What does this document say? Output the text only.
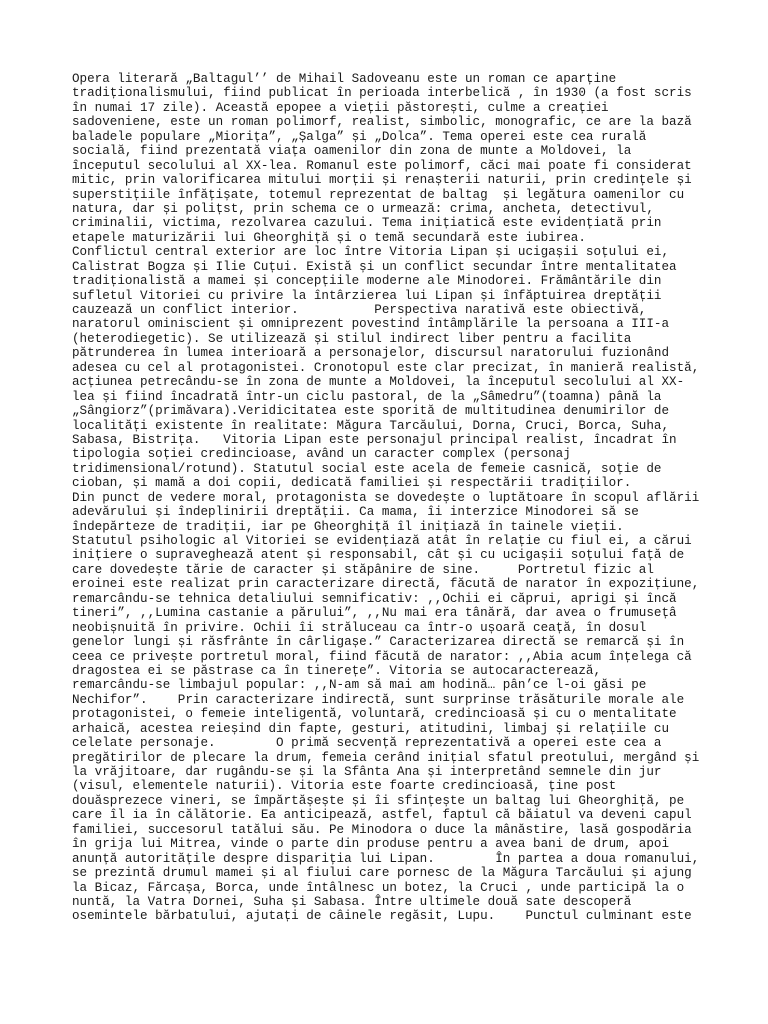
Opera literară „Baltagul’’ de Mihail Sadoveanu este un roman ce aparține
tradiționalismului, fiind publicat în perioada interbelică , în 1930 (a fost scris
în numai 17 zile). Această epopee a vieții păstorești, culme a creației
sadoveniene, este un roman polimorf, realist, simbolic, monografic, ce are la bază
baladele populare „Miorița”, „Șalga” și „Dolca”. Tema operei este cea rurală
socială, fiind prezentată viața oamenilor din zona de munte a Moldovei, la
începutul secolului al XX-lea. Romanul este polimorf, căci mai poate fi considerat
mitic, prin valorificarea mitului morții și renașterii naturii, prin credințele și
superstițiile înfățișate, totemul reprezentat de baltag  și legătura oamenilor cu
natura, dar și polițst, prin schema ce o urmează: crima, ancheta, detectivul,
criminalii, victima, rezolvarea cazului. Tema inițiatică este evidențiată prin
etapele maturizării lui Gheorghiță și o temă secundară este iubirea.
Conflictul central exterior are loc între Vitoria Lipan și ucigașii soțului ei,
Calistrat Bogza și Ilie Cuțui. Există și un conflict secundar între mentalitatea
tradiționalistă a mamei și concepțiile moderne ale Minodorei. Frământările din
sufletul Vitoriei cu privire la întârzierea lui Lipan și înfăptuirea dreptății
cauzează un conflict interior.          Perspectiva narativă este obiectivă,
naratorul ominiscient și omniprezent povestind întâmplările la persoana a III-a
(heterodiegetic). Se utilizează și stilul indirect liber pentru a facilita
pătrunderea în lumea interioară a personajelor, discursul naratorului fuzionând
adesea cu cel al protagonistei. Cronotopul este clar precizat, în manieră realistă,
acțiunea petrecându-se în zona de munte a Moldovei, la începutul secolului al XX-
lea și fiind încadrată într-un ciclu pastoral, de la „Sâmedru”(toamna) până la
„Sângiorz”(primăvara).Veridicitatea este sporită de multitudinea denumirilor de
localități existente în realitate: Măgura Tarcăului, Dorna, Cruci, Borca, Suha,
Sabasa, Bistrița.   Vitoria Lipan este personajul principal realist, încadrat în
tipologia soției credincioase, având un caracter complex (personaj
tridimensional/rotund). Statutul social este acela de femeie casnică, soție de
cioban, și mamă a doi copii, dedicată familiei și respectării tradițiilor.
Din punct de vedere moral, protagonista se dovedește o luptătoare în scopul aflării
adevărului și îndeplinirii dreptății. Ca mama, îi interzice Minodorei să se
îndepărteze de tradiții, iar pe Gheorghiță îl inițiază în tainele vieții.
Statutul psihologic al Vitoriei se evidențiază atât în relație cu fiul ei, a cărui
inițiere o supraveghează atent și responsabil, cât și cu ucigașii soțului față de
care dovedește tărie de caracter și stăpânire de sine.     Portretul fizic al
eroinei este realizat prin caracterizare directă, făcută de narator în expozițiune,
remarcându-se tehnica detaliului semnificativ: ,,Ochii ei căprui, aprigi și încă
tineri”, ,,Lumina castanie a părului”, ,,Nu mai era tânără, dar avea o frumusețâ
neobișnuită în privire. Ochii îi străluceau ca într-o ușoară ceață, în dosul
genelor lungi și răsfrânte în cârligașe.” Caracterizarea directă se remarcă și în
ceea ce privește portretul moral, fiind făcută de narator: ,,Abia acum înțelega că
dragostea ei se păstrase ca în tinerețe”. Vitoria se autocaracterează,
remarcându-se limbajul popular: ,,N-am să mai am hodină… pân’ce l-oi găsi pe
Nechifor”.    Prin caracterizare indirectă, sunt surprinse trăsăturile morale ale
protagonistei, o femeie inteligentă, voluntară, credincioasă și cu o mentalitate
arhaică, acestea reieșind din fapte, gesturi, atitudini, limbaj și relațiile cu
celelate personaje.        O primă secvență reprezentativă a operei este cea a
pregătirilor de plecare la drum, femeia cerând inițial sfatul preotului, mergând și
la vrăjitoare, dar rugându-se și la Sfânta Ana și interpretând semnele din jur
(visul, elementele naturii). Vitoria este foarte credincioasă, ține post
douăsprezece vineri, se împărtășește și îi sfințește un baltag lui Gheorghiță, pe
care îl ia în călătorie. Ea anticipează, astfel, faptul că băiatul va deveni capul
familiei, succesorul tatălui său. Pe Minodora o duce la mânăstire, lasă gospodăria
în grija lui Mitrea, vinde o parte din produse pentru a avea bani de drum, apoi
anunță autoritățile despre dispariția lui Lipan.        În partea a doua romanului,
se prezintă drumul mamei și al fiului care pornesc de la Măgura Tarcăului și ajung
la Bicaz, Fărcașa, Borca, unde întâlnesc un botez, la Cruci , unde participă la o
nuntă, la Vatra Dornei, Suha și Sabasa. Între ultimele două sate descoperă
osemintele bărbatului, ajutați de câinele regăsit, Lupu.    Punctul culminant este
